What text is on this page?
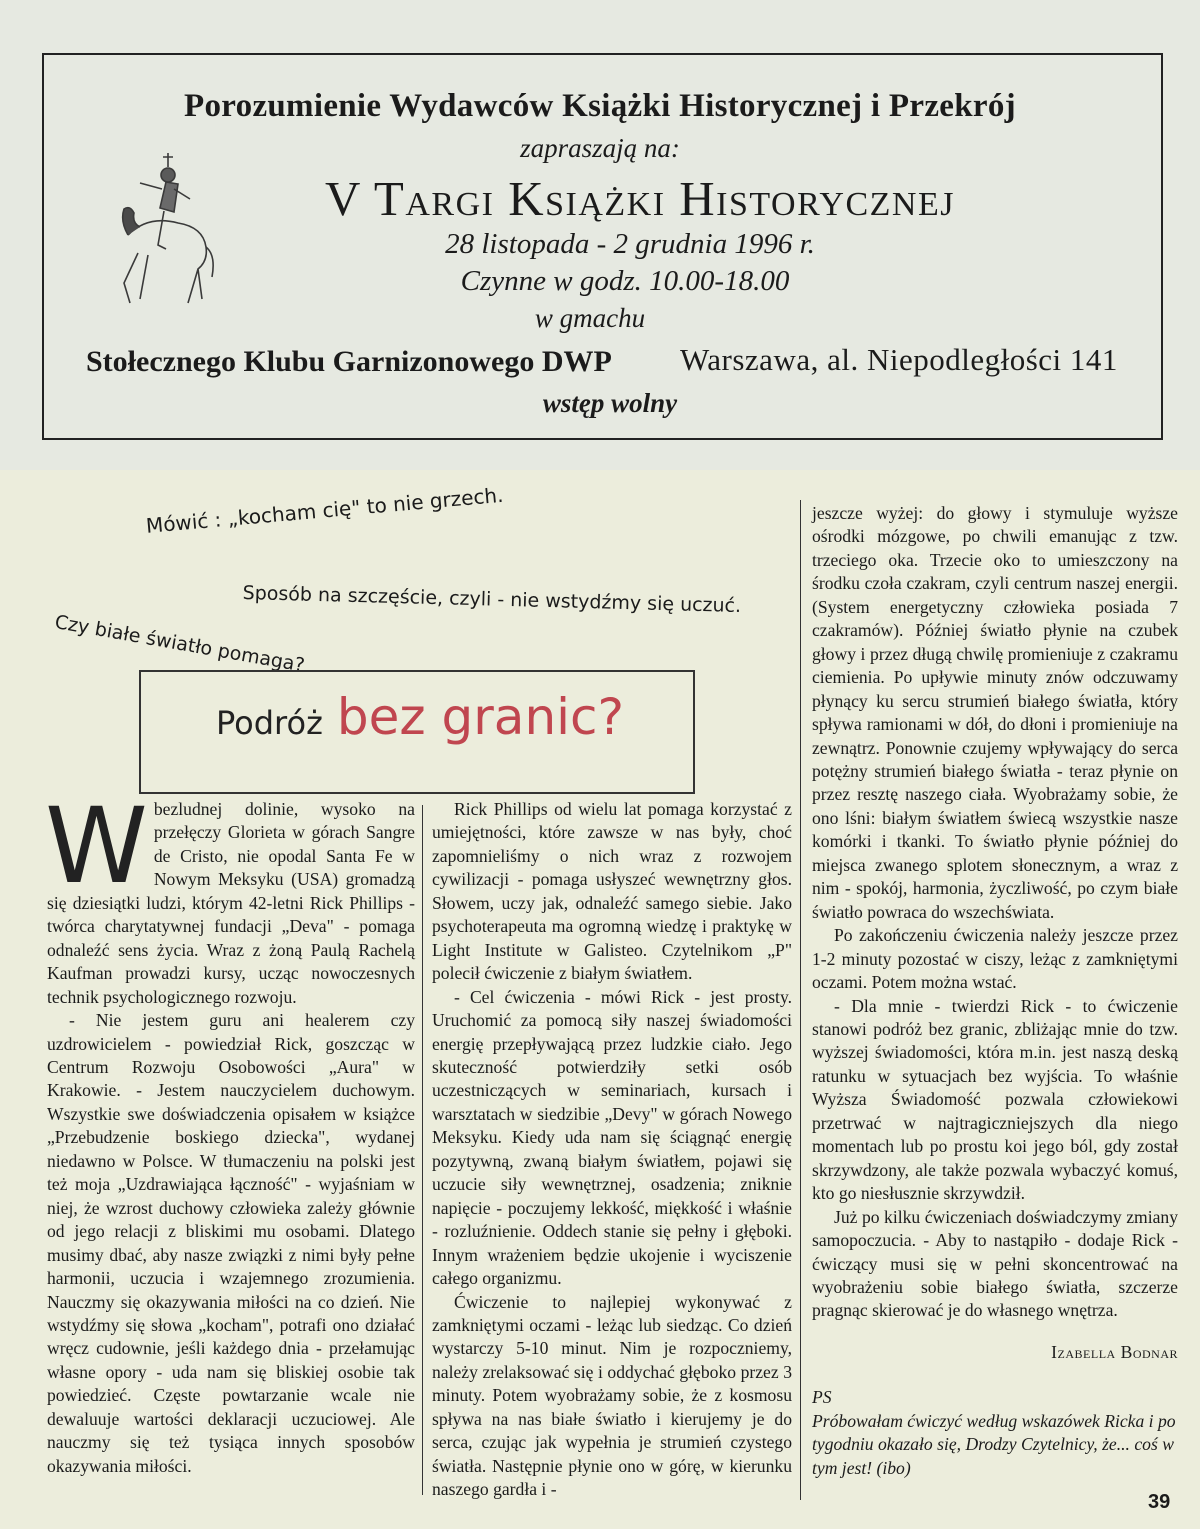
Porozumienie Wydawców Książki Historycznej i Przekrój
zapraszają na:
V Targi Książki Historycznej
28 listopada - 2 grudnia 1996 r.
Czynne w godz. 10.00-18.00
w gmachu
Stołecznego Klubu Garnizonowego DWP Warszawa, al. Niepodległości 141
wstęp wolny
Mówić : „kocham cię" to nie grzech.
Sposób na szczęście, czyli - nie wstydźmy się uczuć.
Czy białe światło pomaga?
Podróż bez granic?

Wbezludnej dolinie, wysoko na przełęczy Glorieta w górach Sangre de Cristo, nie opodal Santa Fe w Nowym Meksyku (USA) gromadzą się dziesiątki ludzi, którym 42-letni Rick Phillips - twórca charytatywnej fundacji „Deva" - pomaga odnaleźć sens życia. Wraz z żoną Paulą Rachelą Kaufman prowadzi kursy, ucząc nowoczesnych technik psychologicznego rozwoju.

- Nie jestem guru ani healerem czy uzdrowicielem - powiedział Rick, goszcząc w Centrum Rozwoju Osobowości „Aura" w Krakowie. - Jestem nauczycielem duchowym. Wszystkie swe doświadczenia opisałem w książce „Przebudzenie boskiego dziecka", wydanej niedawno w Polsce. W tłumaczeniu na polski jest też moja „Uzdrawiająca łączność" - wyjaśniam w niej, że wzrost duchowy człowieka zależy głównie od jego relacji z bliskimi mu osobami. Dlatego musimy dbać, aby nasze związki z nimi były pełne harmonii, uczucia i wzajemnego zrozumienia. Nauczmy się okazywania miłości na co dzień. Nie wstydźmy się słowa „kocham", potrafi ono działać wręcz cudownie, jeśli każdego dnia - przełamując własne opory - uda nam się bliskiej osobie tak powiedzieć. Częste powtarzanie wcale nie dewaluuje wartości deklaracji uczuciowej. Ale nauczmy się też tysiąca innych sposobów okazywania miłości.

Rick Phillips od wielu lat pomaga korzystać z umiejętności, które zawsze w nas były, choć zapomnieliśmy o nich wraz z rozwojem cywilizacji - pomaga usłyszeć wewnętrzny głos. Słowem, uczy jak, odnaleźć samego siebie. Jako psychoterapeuta ma ogromną wiedzę i praktykę w Light Institute w Galisteo. Czytelnikom „P" polecił ćwiczenie z białym światłem.

- Cel ćwiczenia - mówi Rick - jest prosty. Uruchomić za pomocą siły naszej świadomości energię przepływającą przez ludzkie ciało. Jego skuteczność potwierdziły setki osób uczestniczących w seminariach, kursach i warsztatach w siedzibie „Devy" w górach Nowego Meksyku. Kiedy uda nam się ściągnąć energię pozytywną, zwaną białym światłem, pojawi się uczucie siły wewnętrznej, osadzenia; zniknie napięcie - poczujemy lekkość, miękkość i właśnie - rozluźnienie. Oddech stanie się pełny i głęboki. Innym wrażeniem będzie ukojenie i wyciszenie całego organizmu.

Ćwiczenie to najlepiej wykonywać z zamkniętymi oczami - leżąc lub siedząc. Co dzień wystarczy 5-10 minut. Nim je rozpoczniemy, należy zrelaksować się i oddychać głęboko przez 3 minuty. Potem wyobrażamy sobie, że z kosmosu spływa na nas białe światło i kierujemy je do serca, czując jak wypełnia je strumień czystego światła. Następnie płynie ono w górę, w kierunku naszego gardła i -

jeszcze wyżej: do głowy i stymuluje wyższe ośrodki mózgowe, po chwili emanując z tzw. trzeciego oka. Trzecie oko to umieszczony na środku czoła czakram, czyli centrum naszej energii. (System energetyczny człowieka posiada 7 czakramów). Później światło płynie na czubek głowy i przez długą chwilę promieniuje z czakramu ciemienia. Po upływie minuty znów odczuwamy płynący ku sercu strumień białego światła, który spływa ramionami w dół, do dłoni i promieniuje na zewnątrz. Ponownie czujemy wpływający do serca potężny strumień białego światła - teraz płynie on przez resztę naszego ciała. Wyobrażamy sobie, że ono lśni: białym światłem świecą wszystkie nasze komórki i tkanki. To światło płynie później do miejsca zwanego splotem słonecznym, a wraz z nim - spokój, harmonia, życzliwość, po czym białe światło powraca do wszechświata.

Po zakończeniu ćwiczenia należy jeszcze przez 1-2 minuty pozostać w ciszy, leżąc z zamkniętymi oczami. Potem można wstać.

- Dla mnie - twierdzi Rick - to ćwiczenie stanowi podróż bez granic, zbliżając mnie do tzw. wyższej świadomości, która m.in. jest naszą deską ratunku w sytuacjach bez wyjścia. To właśnie Wyższa Świadomość pozwala człowiekowi przetrwać w najtragiczniejszych dla niego momentach lub po prostu koi jego ból, gdy został skrzywdzony, ale także pozwala wybaczyć komuś, kto go niesłusznie skrzywdził.

Już po kilku ćwiczeniach doświadczymy zmiany samopoczucia. - Aby to nastąpiło - dodaje Rick - ćwiczący musi się w pełni skoncentrować na wyobrażeniu sobie białego światła, szczerze pragnąc skierować je do własnego wnętrza.

Izabella Bodnar

PS

Próbowałam ćwiczyć według wskazówek Ricka i po tygodniu okazało się, Drodzy Czytelnicy, że... coś w tym jest! (ibo)

39
